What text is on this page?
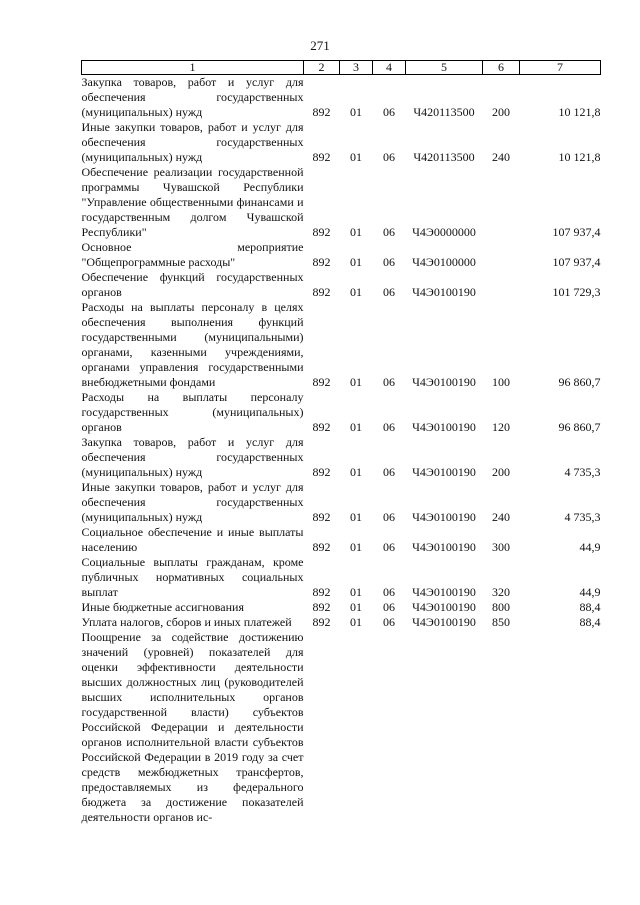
271
1	2	3	4	5	6	7
Закупка товаров, работ и услуг для обеспечения государственных (муниципальных) нужд	892	01	06	Ч420113500	200	10 121,8
Иные закупки товаров, работ и услуг для обеспечения государственных (муниципальных) нужд	892	01	06	Ч420113500	240	10 121,8
Обеспечение реализации государственной программы Чувашской Республики "Управление общественными финансами и государственным долгом Чувашской Республики"	892	01	06	Ч4Э0000000		107 937,4
Основное мероприятие "Общепрограммные расходы"	892	01	06	Ч4Э0100000		107 937,4
Обеспечение функций государственных органов	892	01	06	Ч4Э0100190		101 729,3
Расходы на выплаты персоналу в целях обеспечения выполнения функций государственными (муниципальными) органами, казенными учреждениями, органами управления государственными внебюджетными фондами	892	01	06	Ч4Э0100190	100	96 860,7
Расходы на выплаты персоналу государственных (муниципальных) органов	892	01	06	Ч4Э0100190	120	96 860,7
Закупка товаров, работ и услуг для обеспечения государственных (муниципальных) нужд	892	01	06	Ч4Э0100190	200	4 735,3
Иные закупки товаров, работ и услуг для обеспечения государственных (муниципальных) нужд	892	01	06	Ч4Э0100190	240	4 735,3
Социальное обеспечение и иные выплаты населению	892	01	06	Ч4Э0100190	300	44,9
Социальные выплаты гражданам, кроме публичных нормативных социальных выплат	892	01	06	Ч4Э0100190	320	44,9
Иные бюджетные ассигнования	892	01	06	Ч4Э0100190	800	88,4
Уплата налогов, сборов и иных платежей	892	01	06	Ч4Э0100190	850	88,4
Поощрение за содействие достижению значений (уровней) показателей для оценки эффективности деятельности высших должностных лиц (руководителей высших исполнительных органов государственной власти) субъектов Российской Федерации и деятельности органов исполнительной власти субъектов Российской Федерации в 2019 году за счет средств межбюджетных трансфертов, предоставляемых из федерального бюджета за достижение показателей деятельности органов ис-						
